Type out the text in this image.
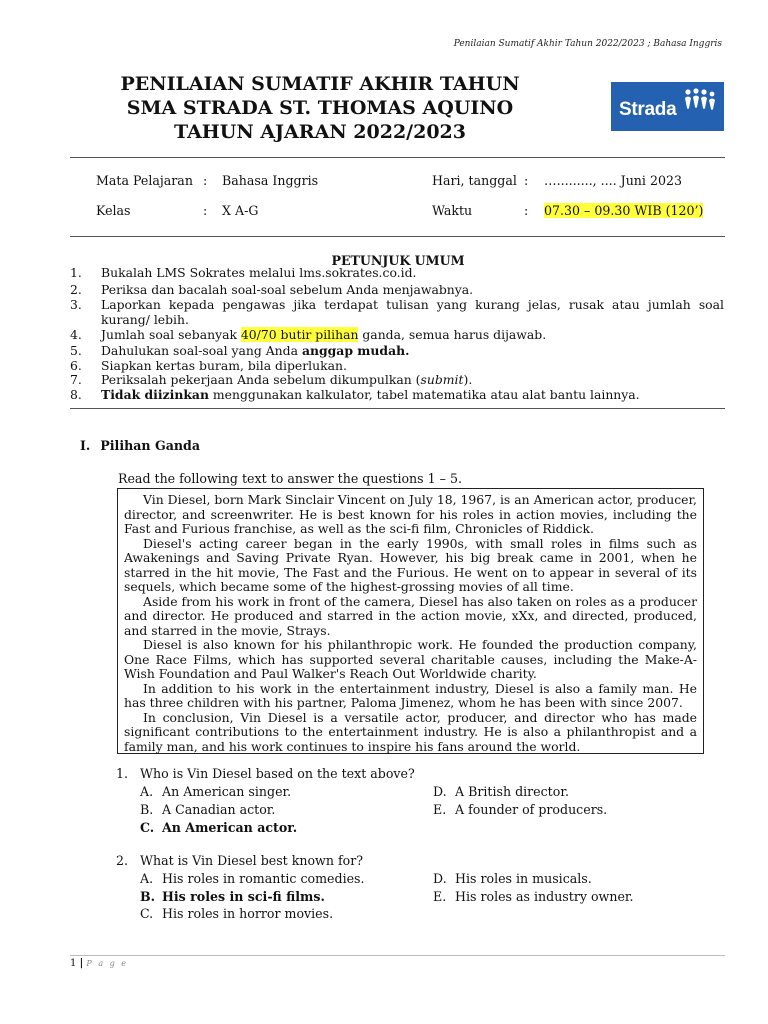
Penilaian Sumatif Akhir Tahun 2022/2023 ; Bahasa Inggris
PENILAIAN SUMATIF AKHIR TAHUN
SMA STRADA ST. THOMAS AQUINO
TAHUN AJARAN 2022/2023
Strada
Mata Pelajaran : Bahasa Inggris	Hari, tanggal : …........., .... Juni 2023
Kelas	: X A-G	Waktu	: 07.30 – 09.30 WIB (120’)
PETUNJUK UMUM
1. Bukalah LMS Sokrates melalui lms.sokrates.co.id.
2. Periksa dan bacalah soal-soal sebelum Anda menjawabnya.
3. Laporkan kepada pengawas jika terdapat tulisan yang kurang jelas, rusak atau jumlah soal kurang/ lebih.
4. Jumlah soal sebanyak 40/70 butir pilihan ganda, semua harus dijawab.
5. Dahulukan soal-soal yang Anda anggap mudah.
6. Siapkan kertas buram, bila diperlukan.
7. Periksalah pekerjaan Anda sebelum dikumpulkan (submit).
8. Tidak diizinkan menggunakan kalkulator, tabel matematika atau alat bantu lainnya.
I. Pilihan Ganda
Read the following text to answer the questions 1 – 5.

Vin Diesel, born Mark Sinclair Vincent on July 18, 1967, is an American actor, producer, director, and screenwriter. He is best known for his roles in action movies, including the Fast and Furious franchise, as well as the sci-fi film, Chronicles of Riddick.

Diesel's acting career began in the early 1990s, with small roles in films such as Awakenings and Saving Private Ryan. However, his big break came in 2001, when he starred in the hit movie, The Fast and the Furious. He went on to appear in several of its sequels, which became some of the highest-grossing movies of all time.

Aside from his work in front of the camera, Diesel has also taken on roles as a producer and director. He produced and starred in the action movie, xXx, and directed, produced, and starred in the movie, Strays.

Diesel is also known for his philanthropic work. He founded the production company, One Race Films, which has supported several charitable causes, including the Make-A-Wish Foundation and Paul Walker's Reach Out Worldwide charity.

In addition to his work in the entertainment industry, Diesel is also a family man. He has three children with his partner, Paloma Jimenez, whom he has been with since 2007.

In conclusion, Vin Diesel is a versatile actor, producer, and director who has made significant contributions to the entertainment industry. He is also a philanthropist and a family man, and his work continues to inspire his fans around the world.

1. Who is Vin Diesel based on the text above?
A. An American singer.
B. A Canadian actor.
C. An American actor.
D. A British director.
E. A founder of producers.
2. What is Vin Diesel best known for?
A. His roles in romantic comedies.
B. His roles in sci-fi films.
C. His roles in horror movies.
D. His roles in musicals.
E. His roles as industry owner.
1 | P a g e
